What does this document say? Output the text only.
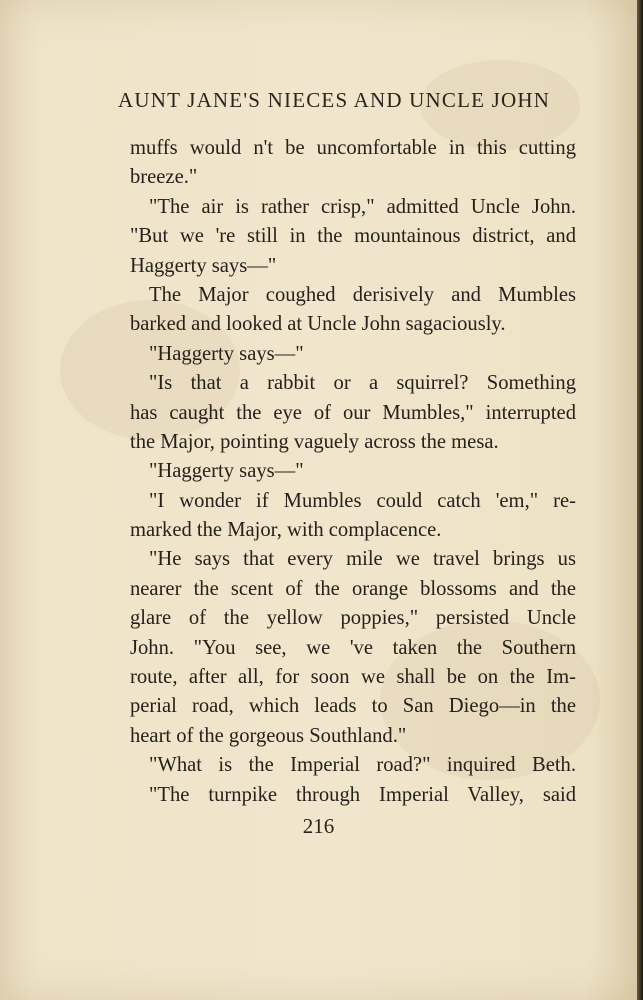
AUNT JANE'S NIECES AND UNCLE JOHN
muffs would n't be uncomfortable in this cutting
breeze."
"The air is rather crisp," admitted Uncle John.
"But we 're still in the mountainous district, and
Haggerty says—"
The Major coughed derisively and Mumbles
barked and looked at Uncle John sagaciously.
"Haggerty says—"
"Is that a rabbit or a squirrel? Something
has caught the eye of our Mumbles," interrupted
the Major, pointing vaguely across the mesa.
"Haggerty says—"
"I wonder if Mumbles could catch 'em," re-
marked the Major, with complacence.
"He says that every mile we travel brings us
nearer the scent of the orange blossoms and the
glare of the yellow poppies," persisted Uncle
John. "You see, we 've taken the Southern
route, after all, for soon we shall be on the Im-
perial road, which leads to San Diego—in the
heart of the gorgeous Southland."
"What is the Imperial road?" inquired Beth.
"The turnpike through Imperial Valley, said
216
